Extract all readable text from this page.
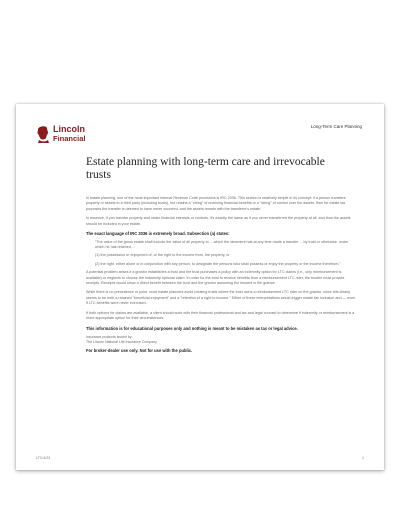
Lincoln
Financial
Long-Term Care Planning
Estate planning with long-term care and irrevocable trusts

In estate planning, one of the most important Internal Revenue Code provisions is IRC 2036. This section is relatively simple in its concept: if a person transfers property or assets to a third party (including trusts), but retains a "string" of receiving financial benefits or a "string" of control over the assets, then for estate tax purposes the transfer is deemed to have never occurred, and the assets remain with the transferor's estate.

In essence, if you transfer property and retain financial interests or controls, it's exactly the same as if you never transferred the property at all, and thus the assets should be included in your estate.

The exact language of IRC 2036 is extremely broad. Subsection (a) states:

"The value of the gross estate shall include the value of all property to ... which the decedent has at any time made a transfer ... by trust or otherwise, under which he has retained ...

(1) the possession or enjoyment of, or the right to the income from, the property, or

(2) the right, either alone or in conjunction with any person, to designate the persons who shall possess or enjoy the property or the income therefrom."

A potential problem arises if a grantor establishes a trust and the trust purchases a policy with an indemnity option for LTC claims (i.e., only reimbursement is available) or neglects to choose the indemnity optional claim. In order for the trust to receive benefits from a reimbursement LTC rider, the trustee must provide receipts. Receipts would show a direct benefit between the trust and the grantor assuming the insured is the grantor.

While there is no precedence or point, most estate planners avoid creating trusts where the trust owns a reimbursement LTC rider on the grantor, since this clearly seems to be both a retained "beneficial enjoyment" and a "retention of a right to income." Either of these interpretations would trigger estate tax inclusion and — even if LTC benefits were never exercised.

If both options for claims are available, a client should work with their financial professional and tax and legal counsel to determine if indemnity or reimbursement is a more appropriate option for their circumstances.

This information is for educational purposes only and nothing is meant to be mistaken as tax or legal advice.
Insurance products issued by:
The Lincoln National Life Insurance Company
For broker-dealer use only. Not for use with the public.
LTC/4/23	1
